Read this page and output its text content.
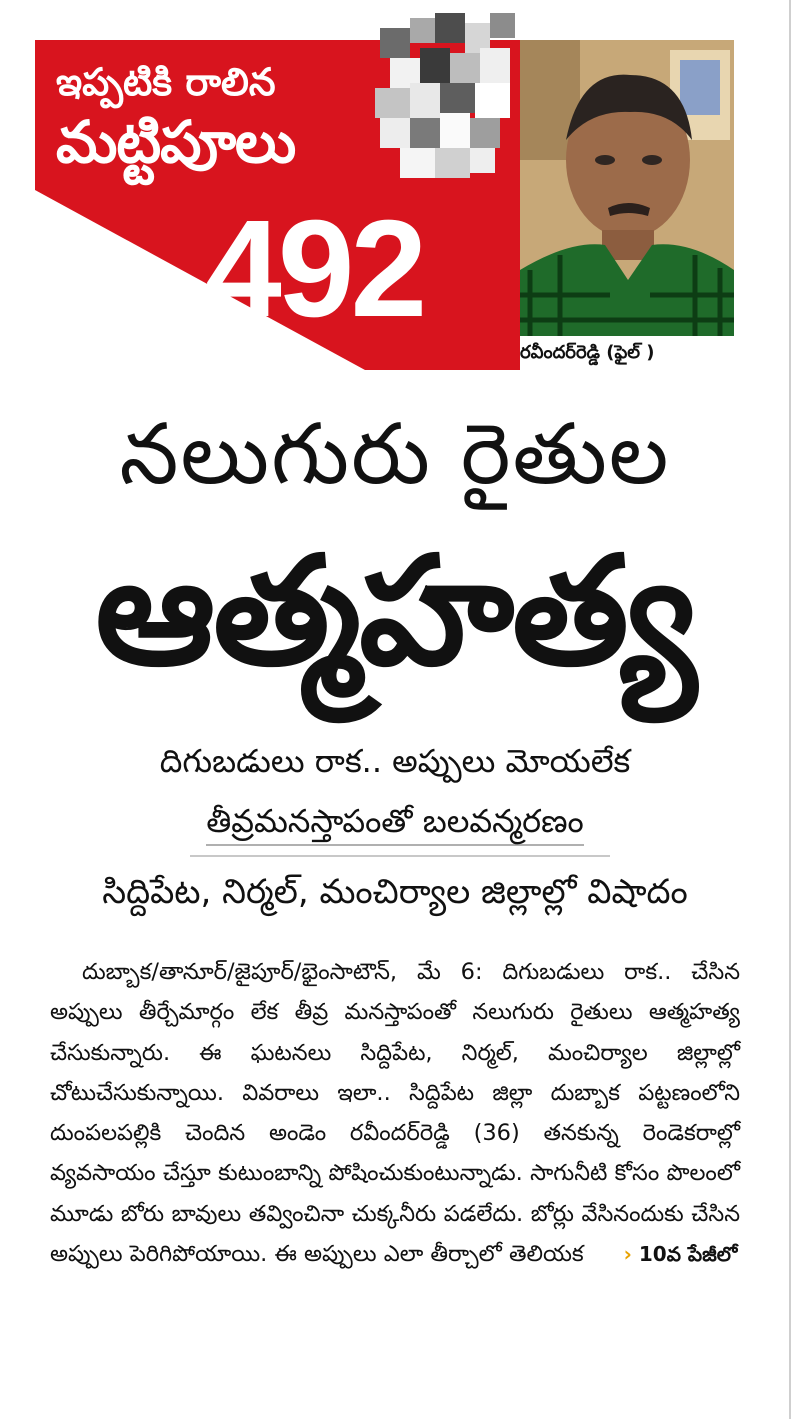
ఇప్పటికి రాలిన
మట్టిపూలు
492
రవీందర్‌రెడ్డి (ఫైల్ )
నలుగురు రైతుల
ఆత్మహత్య
దిగుబడులు రాక.. అప్పులు మోయలేక
తీవ్రమనస్తాపంతో బలవన్మరణం
సిద్దిపేట, నిర్మల్, మంచిర్యాల జిల్లాల్లో విషాదం

దుబ్బాక/తానూర్/జైపూర్/భైంసాటౌన్, మే 6: దిగుబడులు రాక.. చేసిన అప్పులు తీర్చేమార్గం లేక తీవ్ర మనస్తాపంతో నలుగురు రైతులు ఆత్మహత్య చేసుకున్నారు. ఈ ఘటనలు సిద్దిపేట, నిర్మల్, మంచిర్యాల జిల్లాల్లో చోటుచేసుకున్నాయి. వివరాలు ఇలా.. సిద్దిపేట జిల్లా దుబ్బాక పట్టణంలోని దుంపలపల్లికి చెందిన అండెం రవీందర్‌రెడ్డి (36) తనకున్న రెండెకరాల్లో వ్యవసాయం చేస్తూ కుటుంబాన్ని పోషించుకుంటున్నాడు. సాగునీటి కోసం పొలంలో మూడు బోరు బావులు తవ్వించినా చుక్కనీరు పడలేదు. బోర్లు వేసినందుకు చేసిన అప్పులు పెరిగిపోయాయి. ఈ అప్పులు ఎలా తీర్చాలో తెలియక › 10వ పేజీలో
